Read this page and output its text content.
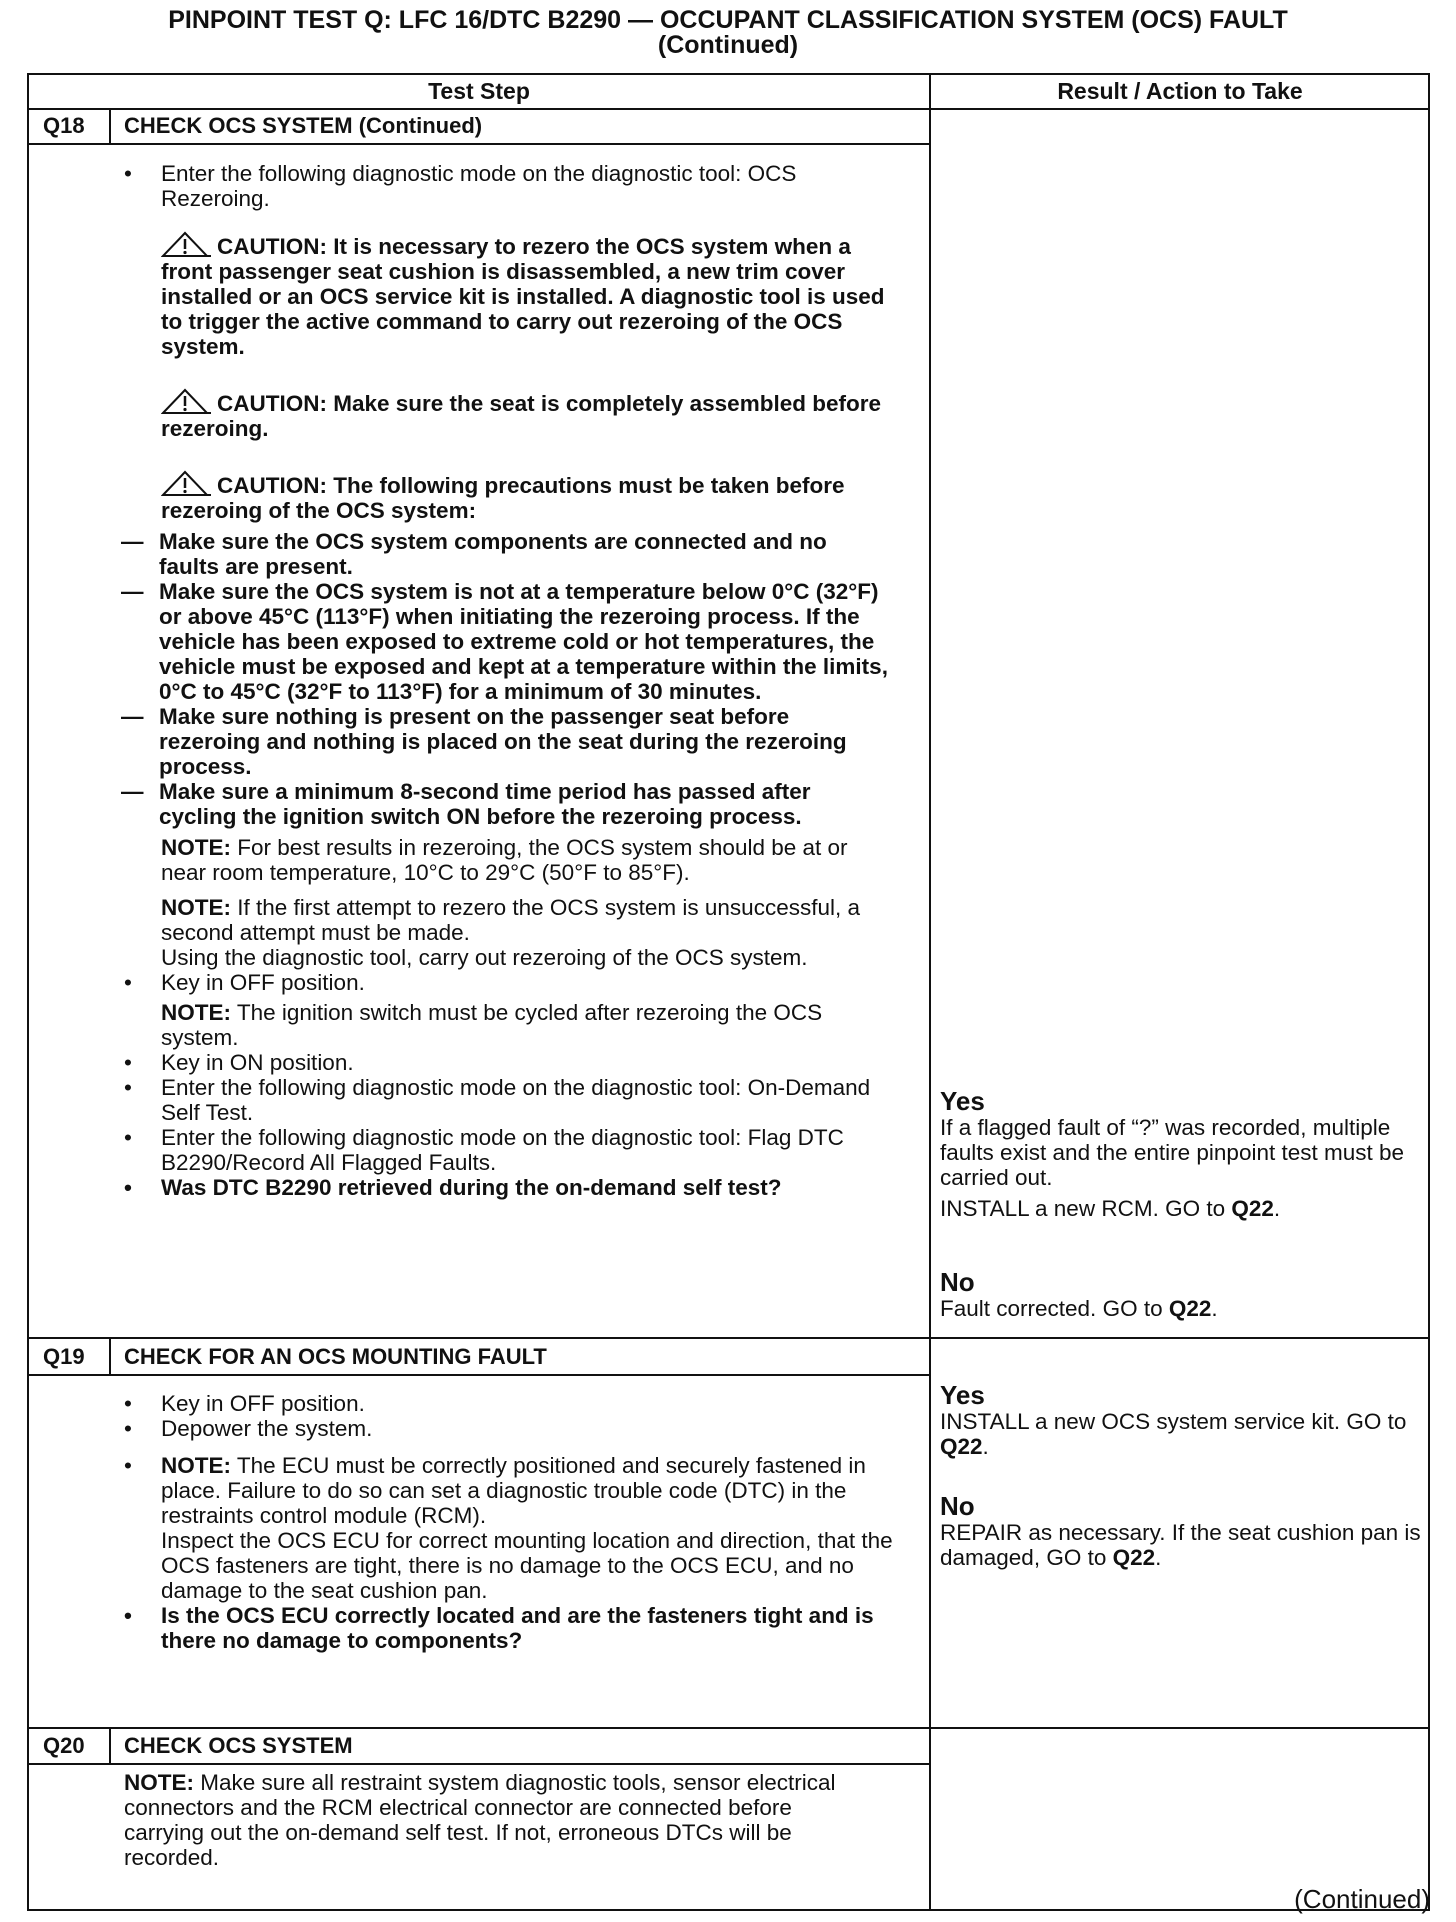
PINPOINT TEST Q: LFC 16/DTC B2290 — OCCUPANT CLASSIFICATION SYSTEM (OCS) FAULT
(Continued)
Test Step	Result / Action to Take
Q18 CHECK OCS SYSTEM (Continued)
• Enter the following diagnostic mode on the diagnostic tool: OCS Rezeroing.
CAUTION: It is necessary to rezero the OCS system when a front passenger seat cushion is disassembled, a new trim cover installed or an OCS service kit is installed. A diagnostic tool is used to trigger the active command to carry out rezeroing of the OCS system.
CAUTION: Make sure the seat is completely assembled before rezeroing.
CAUTION: The following precautions must be taken before rezeroing of the OCS system:
— Make sure the OCS system components are connected and no faults are present.
— Make sure the OCS system is not at a temperature below 0°C (32°F) or above 45°C (113°F) when initiating the rezeroing process. If the vehicle has been exposed to extreme cold or hot temperatures, the vehicle must be exposed and kept at a temperature within the limits, 0°C to 45°C (32°F to 113°F) for a minimum of 30 minutes.
— Make sure nothing is present on the passenger seat before rezeroing and nothing is placed on the seat during the rezeroing process.
— Make sure a minimum 8-second time period has passed after cycling the ignition switch ON before the rezeroing process.
NOTE: For best results in rezeroing, the OCS system should be at or near room temperature, 10°C to 29°C (50°F to 85°F).
NOTE: If the first attempt to rezero the OCS system is unsuccessful, a second attempt must be made.
Using the diagnostic tool, carry out rezeroing of the OCS system.
• Key in OFF position.
NOTE: The ignition switch must be cycled after rezeroing the OCS system.
• Key in ON position.
• Enter the following diagnostic mode on the diagnostic tool: On-Demand Self Test.
• Enter the following diagnostic mode on the diagnostic tool: Flag DTC B2290/Record All Flagged Faults.
• Was DTC B2290 retrieved during the on-demand self test?
Yes
If a flagged fault of “?” was recorded, multiple faults exist and the entire pinpoint test must be carried out.
INSTALL a new RCM. GO to Q22.
No
Fault corrected. GO to Q22.
Q19 CHECK FOR AN OCS MOUNTING FAULT
• Key in OFF position.
• Depower the system.
• NOTE: The ECU must be correctly positioned and securely fastened in place. Failure to do so can set a diagnostic trouble code (DTC) in the restraints control module (RCM).
Inspect the OCS ECU for correct mounting location and direction, that the OCS fasteners are tight, there is no damage to the OCS ECU, and no damage to the seat cushion pan.
• Is the OCS ECU correctly located and are the fasteners tight and is there no damage to components?
Yes
INSTALL a new OCS system service kit. GO to Q22.
No
REPAIR as necessary. If the seat cushion pan is damaged, GO to Q22.
Q20 CHECK OCS SYSTEM
NOTE: Make sure all restraint system diagnostic tools, sensor electrical connectors and the RCM electrical connector are connected before carrying out the on-demand self test. If not, erroneous DTCs will be recorded.
(Continued)
